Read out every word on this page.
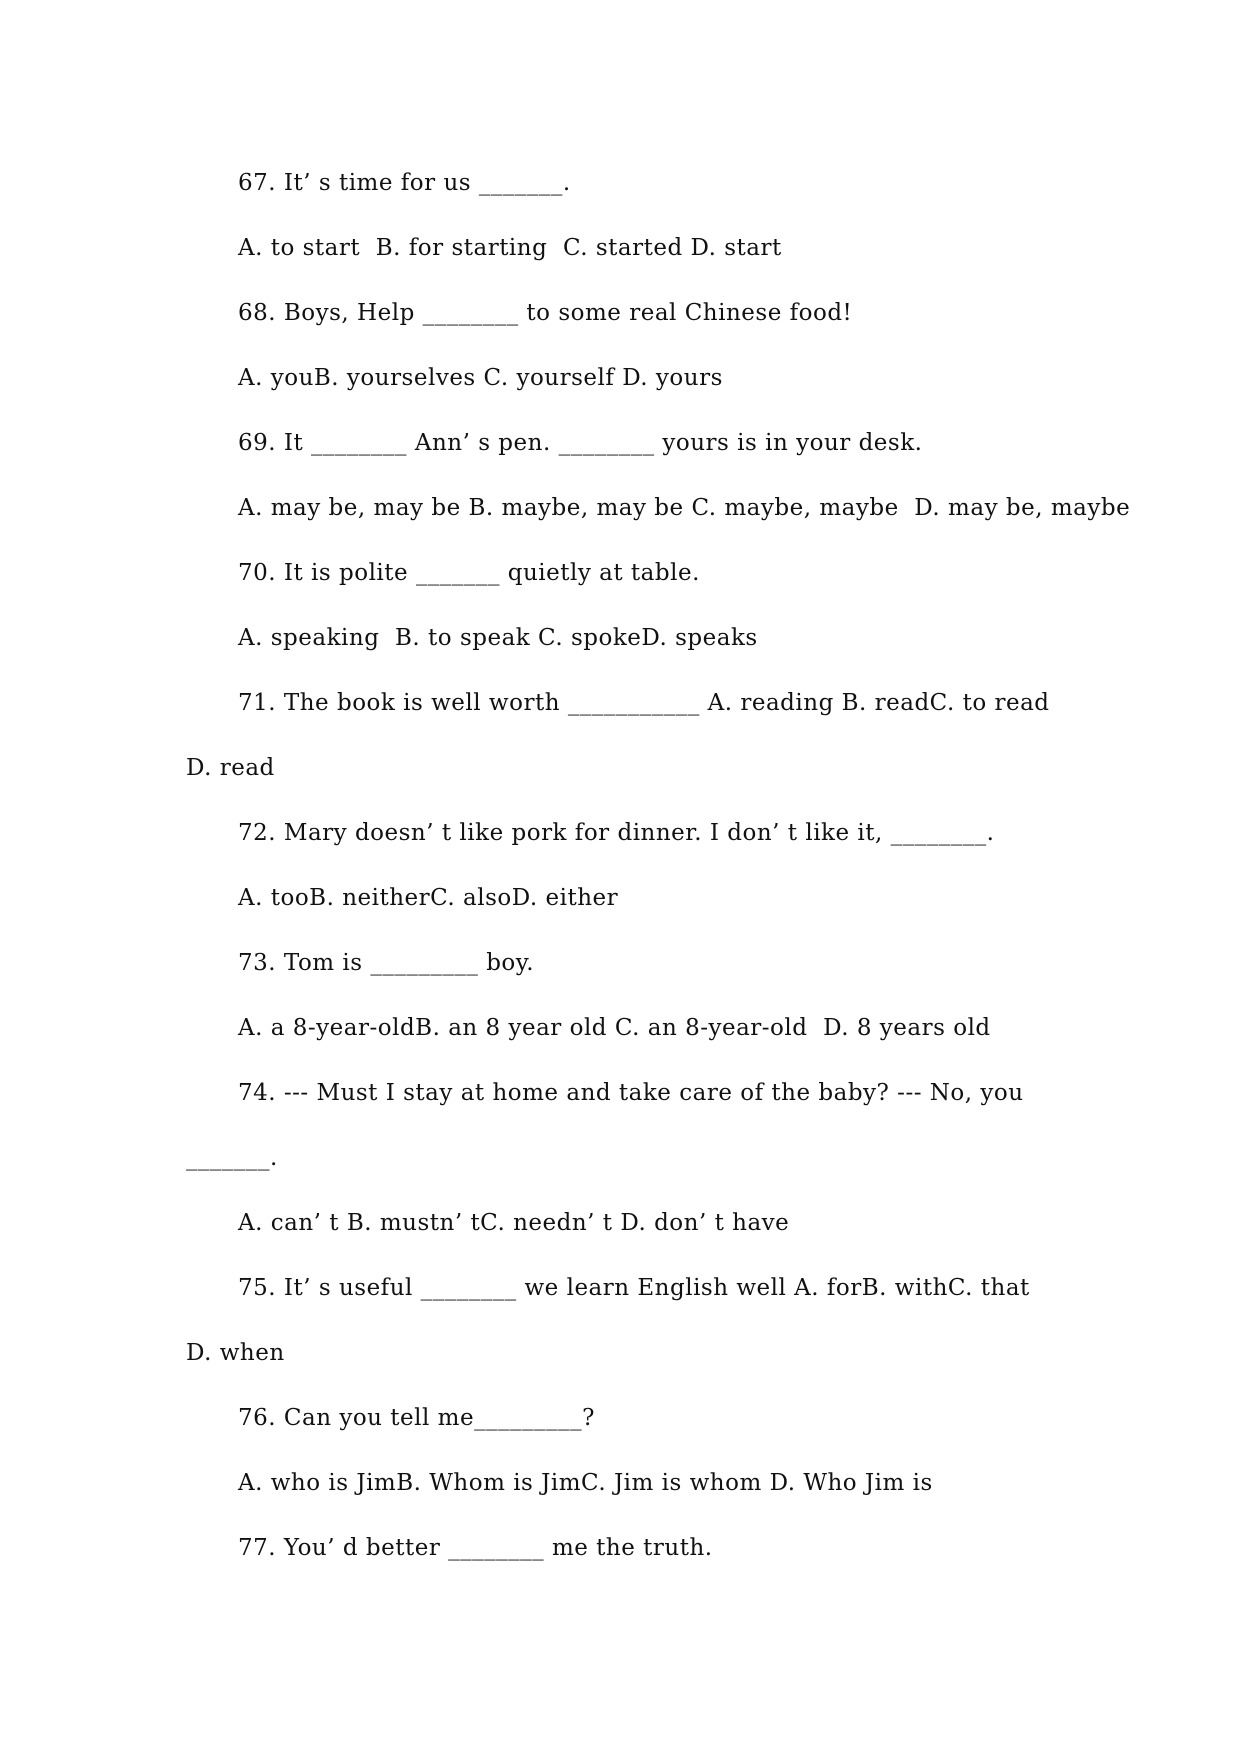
67. It’ s time for us _______.
A. to start  B. for starting  C. started D. start
68. Boys, Help ________ to some real Chinese food!
A. youB. yourselves C. yourself D. yours
69. It ________ Ann’ s pen. ________ yours is in your desk.
A. may be, may be B. maybe, may be C. maybe, maybe  D. may be, maybe
70. It is polite _______ quietly at table.
A. speaking  B. to speak C. spokeD. speaks
71. The book is well worth ___________ A. reading B. readC. to read
D. read
72. Mary doesn’ t like pork for dinner. I don’ t like it, ________.
A. tooB. neitherC. alsoD. either
73. Tom is _________ boy.
A. a 8-year-oldB. an 8 year old C. an 8-year-old  D. 8 years old
74. --- Must I stay at home and take care of the baby? --- No, you
_______.
A. can’ t B. mustn’ tC. needn’ t D. don’ t have
75. It’ s useful ________ we learn English well A. forB. withC. that
D. when
76. Can you tell me_________?
A. who is JimB. Whom is JimC. Jim is whom D. Who Jim is
77. You’ d better ________ me the truth.
